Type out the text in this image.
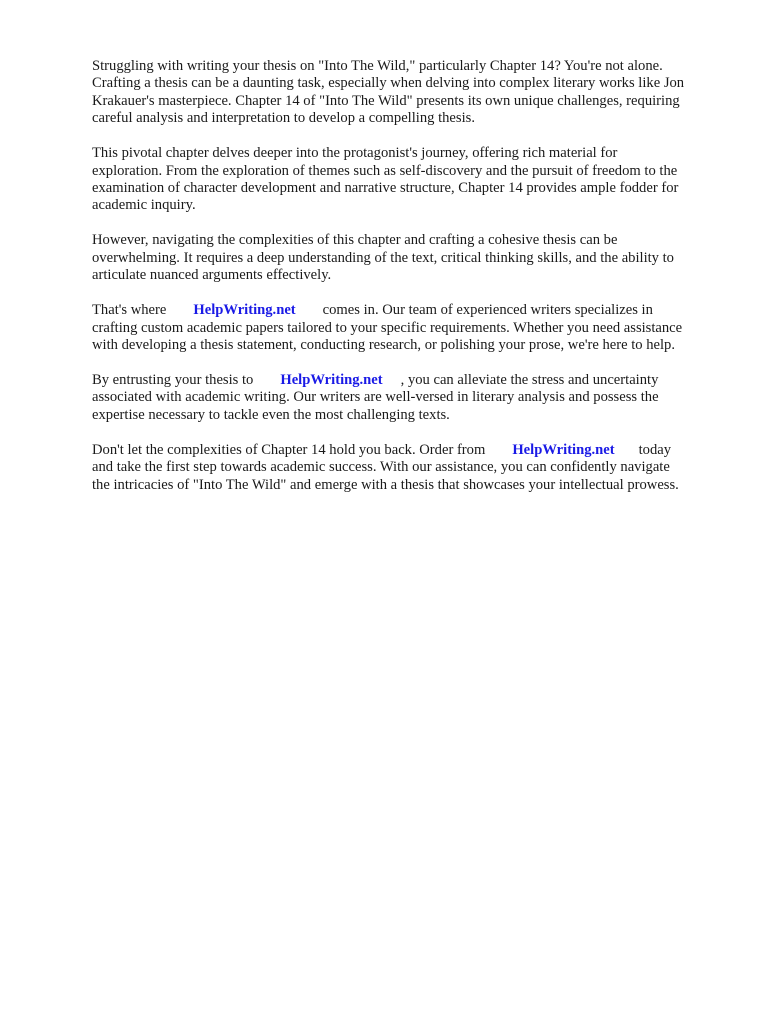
Struggling with writing your thesis on "Into The Wild," particularly Chapter 14? You're not alone.
Crafting a thesis can be a daunting task, especially when delving into complex literary works like Jon
Krakauer's masterpiece. Chapter 14 of "Into The Wild" presents its own unique challenges, requiring
careful analysis and interpretation to develop a compelling thesis.

This pivotal chapter delves deeper into the protagonist's journey, offering rich material for
exploration. From the exploration of themes such as self-discovery and the pursuit of freedom to the
examination of character development and narrative structure, Chapter 14 provides ample fodder for
academic inquiry.

However, navigating the complexities of this chapter and crafting a cohesive thesis can be
overwhelming. It requires a deep understanding of the text, critical thinking skills, and the ability to
articulate nuanced arguments effectively.

That's where HelpWriting.net comes in. Our team of experienced writers specializes in
crafting custom academic papers tailored to your specific requirements. Whether you need assistance
with developing a thesis statement, conducting research, or polishing your prose, we're here to help.

By entrusting your thesis to HelpWriting.net , you can alleviate the stress and uncertainty
associated with academic writing. Our writers are well-versed in literary analysis and possess the
expertise necessary to tackle even the most challenging texts.

Don't let the complexities of Chapter 14 hold you back. Order from HelpWriting.net today
and take the first step towards academic success. With our assistance, you can confidently navigate
the intricacies of "Into The Wild" and emerge with a thesis that showcases your intellectual prowess.
